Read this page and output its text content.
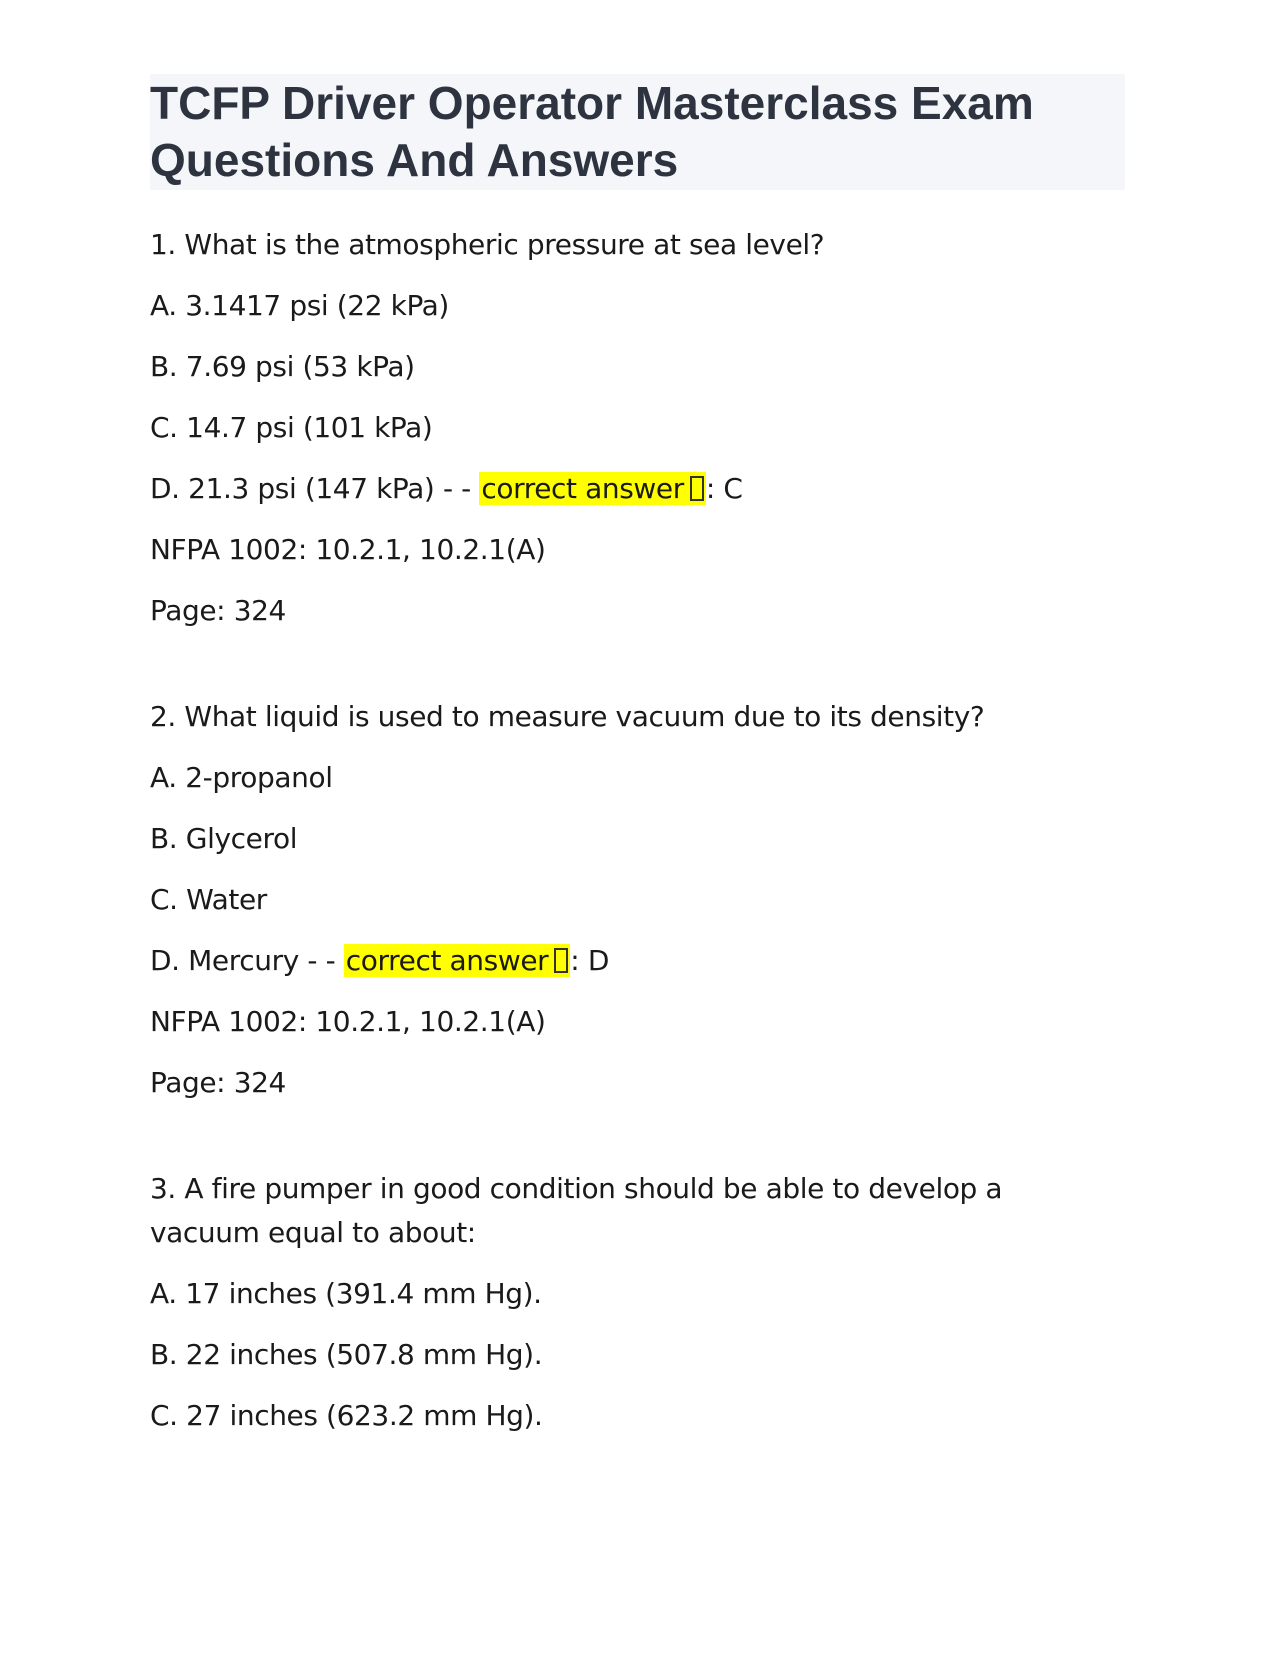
TCFP Driver Operator Masterclass Exam Questions And Answers

1. What is the atmospheric pressure at sea level?

A. 3.1417 psi (22 kPa)

B. 7.69 psi (53 kPa)

C. 14.7 psi (101 kPa)

D. 21.3 psi (147 kPa) - - correct answer : C

NFPA 1002: 10.2.1, 10.2.1(A)

Page: 324

2. What liquid is used to measure vacuum due to its density?

A. 2-propanol

B. Glycerol

C. Water

D. Mercury - - correct answer : D

NFPA 1002: 10.2.1, 10.2.1(A)

Page: 324

3. A fire pumper in good condition should be able to develop a vacuum equal to about:

A. 17 inches (391.4 mm Hg).

B. 22 inches (507.8 mm Hg).

C. 27 inches (623.2 mm Hg).
